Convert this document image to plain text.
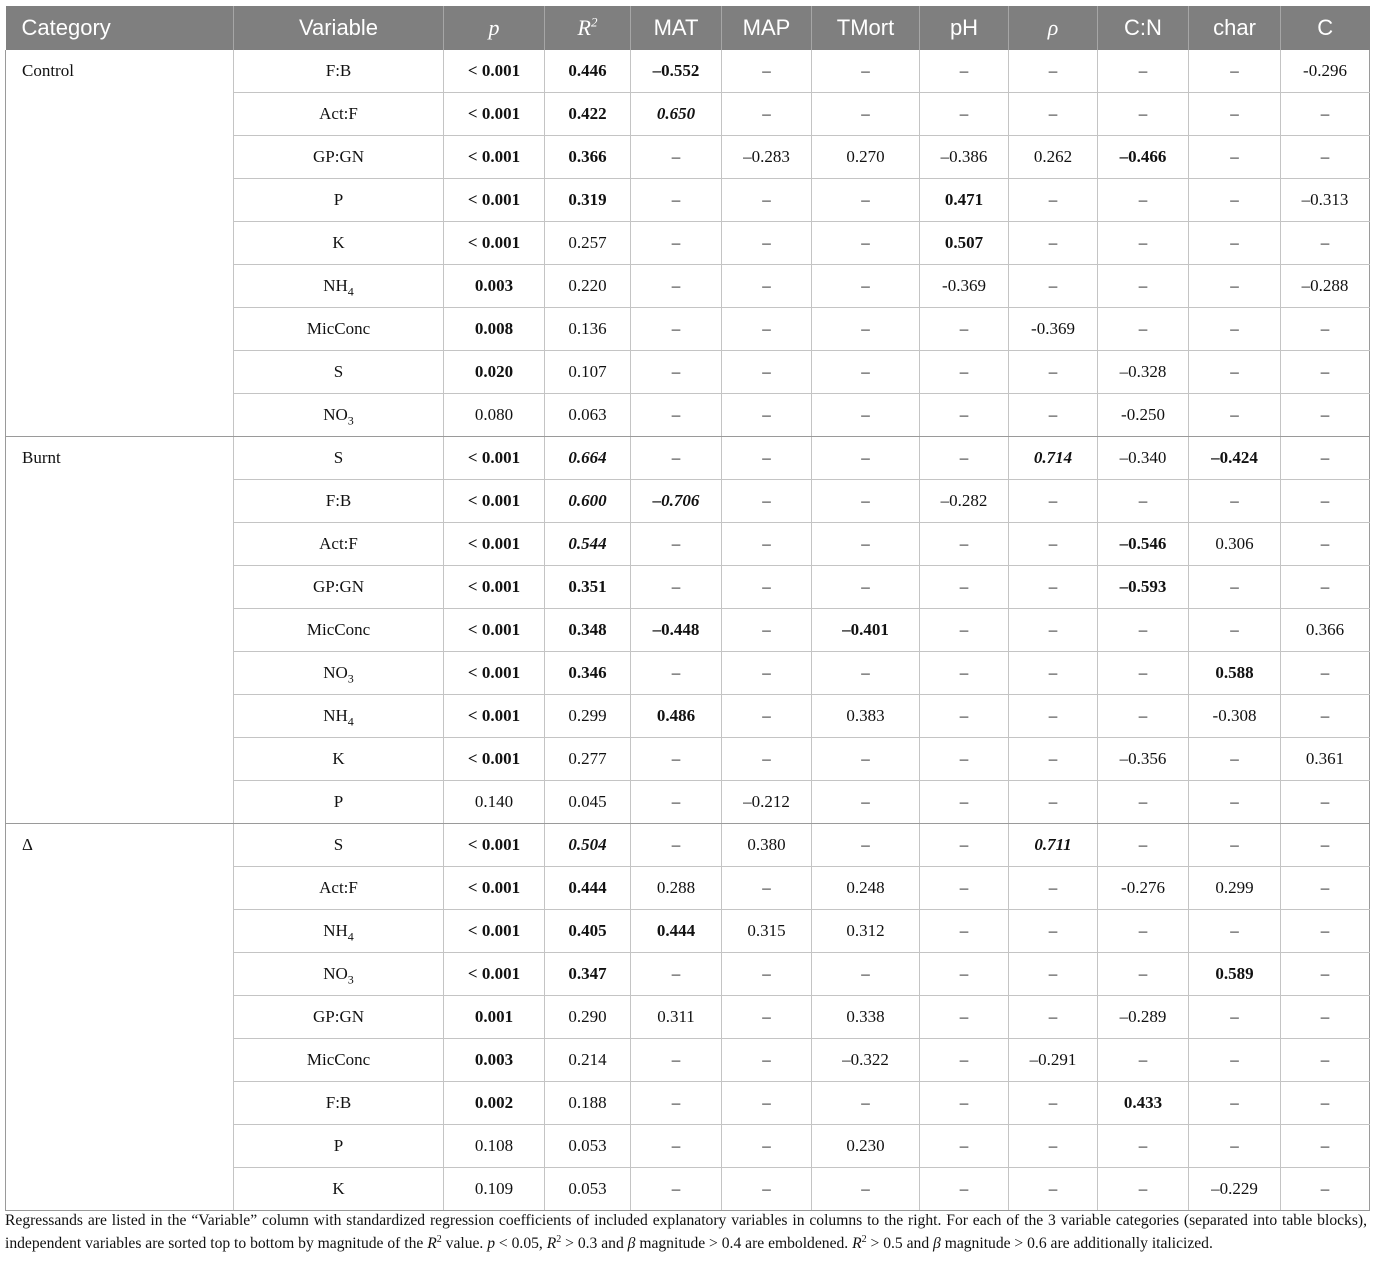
Category	Variable	p	$R^2$	MAT	MAP	TMort	pH	ρ	C:N	char	C
Control	F:B	< 0.001	0.446	–0.552	–	–	–	–	–	–	-0.296
	Act:F	< 0.001	0.422	0.650	–	–	–	–	–	–	–
	GP:GN	< 0.001	0.366	–	–0.283	0.270	–0.386	0.262	–0.466	–	–
	P	< 0.001	0.319	–	–	–	0.471	–	–	–	–0.313
	K	< 0.001	0.257	–	–	–	0.507	–	–	–	–
	$NH_4$	0.003	0.220	–	–	–	-0.369	–	–	–	–0.288
	MicConc	0.008	0.136	–	–	–	–	-0.369	–	–	–
	S	0.020	0.107	–	–	–	–	–	–0.328	–	–
	$NO_3$	0.080	0.063	–	–	–	–	–	-0.250	–	–
Burnt	S	< 0.001	0.664	–	–	–	–	0.714	–0.340	–0.424	–
	F:B	< 0.001	0.600	–0.706	–	–	–0.282	–	–	–	–
	Act:F	< 0.001	0.544	–	–	–	–	–	–0.546	0.306	–
	GP:GN	< 0.001	0.351	–	–	–	–	–	–0.593	–	–
	MicConc	< 0.001	0.348	–0.448	–	–0.401	–	–	–	–	0.366
	$NO_3$	< 0.001	0.346	–	–	–	–	–	–	0.588	–
	$NH_4$	< 0.001	0.299	0.486	–	0.383	–	–	–	-0.308	–
	K	< 0.001	0.277	–	–	–	–	–	–0.356	–	0.361
	P	0.140	0.045	–	–0.212	–	–	–	–	–	–
Δ	S	< 0.001	0.504	–	0.380	–	–	0.711	–	–	–
	Act:F	< 0.001	0.444	0.288	–	0.248	–	–	-0.276	0.299	–
	$NH_4$	< 0.001	0.405	0.444	0.315	0.312	–	–	–	–	–
	$NO_3$	< 0.001	0.347	–	–	–	–	–	–	0.589	–
	GP:GN	0.001	0.290	0.311	–	0.338	–	–	–0.289	–	–
	MicConc	0.003	0.214	–	–	–0.322	–	–0.291	–	–	–
	F:B	0.002	0.188	–	–	–	–	–	0.433	–	–
	P	0.108	0.053	–	–	0.230	–	–	–	–	–
	K	0.109	0.053	–	–	–	–	–	–	–0.229	–
Regressands are listed in the “Variable” column with standardized regression coefficients of included explanatory variables in columns to the right. For each of the 3 variable categories (separated into table blocks), independent variables are sorted top to bottom by magnitude of the $R^2$ value. p < 0.05, $R^2 > 0.3$ and β magnitude > 0.4 are emboldened. $R^2 > 0.5$ and β magnitude > 0.6 are additionally italicized.
